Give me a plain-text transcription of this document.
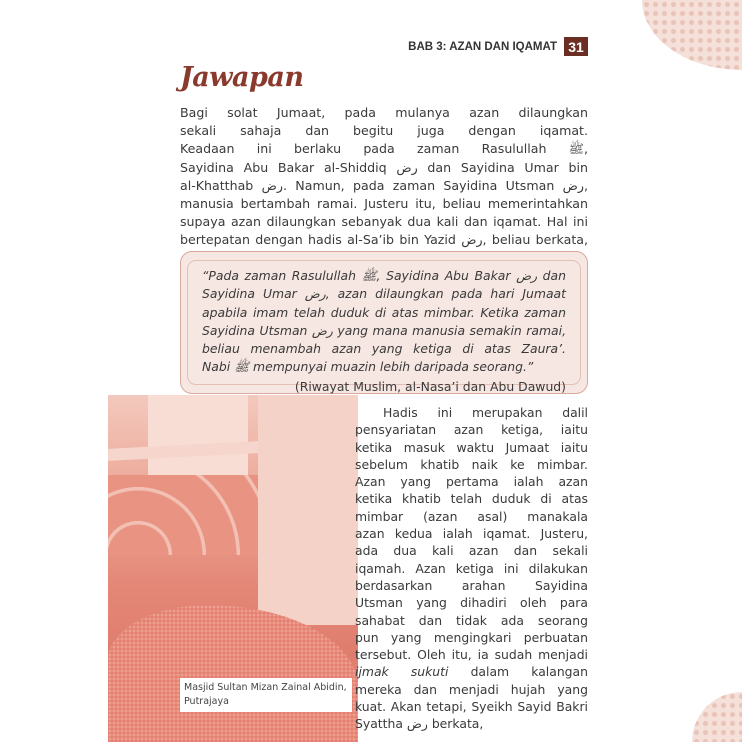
BAB 3: AZAN DAN IQAMAT 31
Jawapan
Bagi solat Jumaat, pada mulanya azan dilaungkan
sekali sahaja dan begitu juga dengan iqamat.
Keadaan ini berlaku pada zaman Rasulullah ﷺ,
Sayidina Abu Bakar al-Shiddiq رض dan Sayidina Umar bin
al-Khatthab رض. Namun, pada zaman Sayidina Utsman رض,
manusia bertambah ramai. Justeru itu, beliau memerintahkan
supaya azan dilaungkan sebanyak dua kali dan iqamat. Hal ini
bertepatan dengan hadis al-Sa’ib bin Yazid رض, beliau berkata,
“Pada zaman Rasulullah ﷺ, Sayidina Abu Bakar رض dan
Sayidina Umar رض, azan dilaungkan pada hari Jumaat
apabila imam telah duduk di atas mimbar. Ketika zaman
Sayidina Utsman رض yang mana manusia semakin ramai,
beliau menambah azan yang ketiga di atas Zaura’.
Nabi ﷺ mempunyai muazin lebih daripada seorang.”
(Riwayat Muslim, al-Nasa’i dan Abu Dawud)
Masjid Sultan Mizan Zainal Abidin,
Putrajaya
Hadis ini merupakan dalil
pensyariatan azan ketiga, iaitu
ketika masuk waktu Jumaat iaitu
sebelum khatib naik ke mimbar.
Azan yang pertama ialah azan
ketika khatib telah duduk di atas
mimbar (azan asal) manakala
azan kedua ialah iqamat. Justeru,
ada dua kali azan dan sekali
iqamah. Azan ketiga ini dilakukan
berdasarkan arahan Sayidina
Utsman yang dihadiri oleh para
sahabat dan tidak ada seorang
pun yang mengingkari perbuatan
tersebut. Oleh itu, ia sudah menjadi
ijmak sukuti dalam kalangan
mereka dan menjadi hujah yang
kuat. Akan tetapi, Syeikh Sayid Bakri
Syattha رض berkata,
